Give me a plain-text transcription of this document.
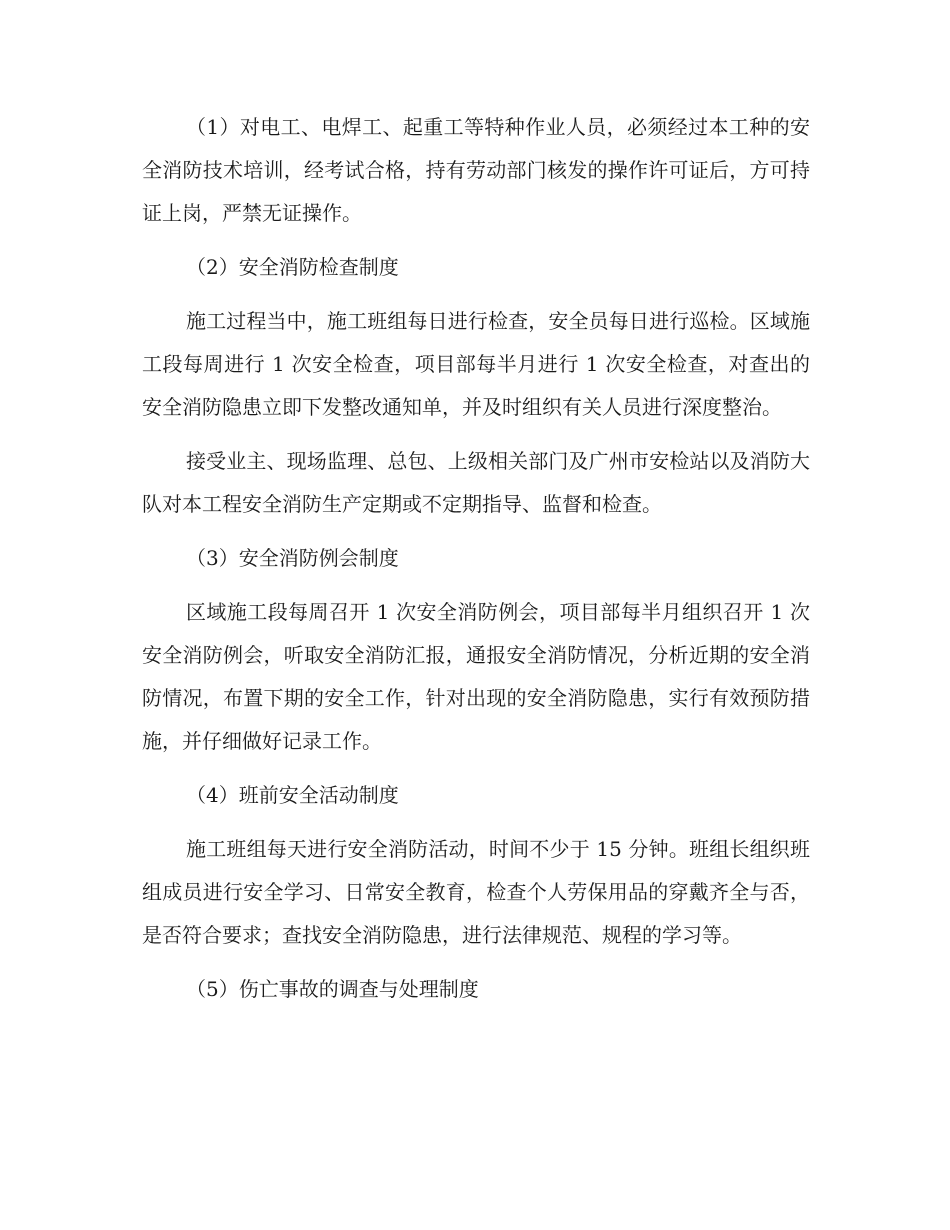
（1）对电工、电焊工、起重工等特种作业人员，必须经过本工种的安全消防技术培训，经考试合格，持有劳动部门核发的操作许可证后，方可持证上岗，严禁无证操作。

（2）安全消防检查制度

施工过程当中，施工班组每日进行检查，安全员每日进行巡检。区域施工段每周进行 1 次安全检查，项目部每半月进行 1 次安全检查，对查出的安全消防隐患立即下发整改通知单，并及时组织有关人员进行深度整治。

接受业主、现场监理、总包、上级相关部门及广州市安检站以及消防大队对本工程安全消防生产定期或不定期指导、监督和检查。

（3）安全消防例会制度

区域施工段每周召开 1 次安全消防例会，项目部每半月组织召开 1 次安全消防例会，听取安全消防汇报，通报安全消防情况，分析近期的安全消防情况，布置下期的安全工作，针对出现的安全消防隐患，实行有效预防措施，并仔细做好记录工作。

（4）班前安全活动制度

施工班组每天进行安全消防活动，时间不少于 15 分钟。班组长组织班组成员进行安全学习、日常安全教育，检查个人劳保用品的穿戴齐全与否，是否符合要求；查找安全消防隐患，进行法律规范、规程的学习等。

（5）伤亡事故的调查与处理制度
